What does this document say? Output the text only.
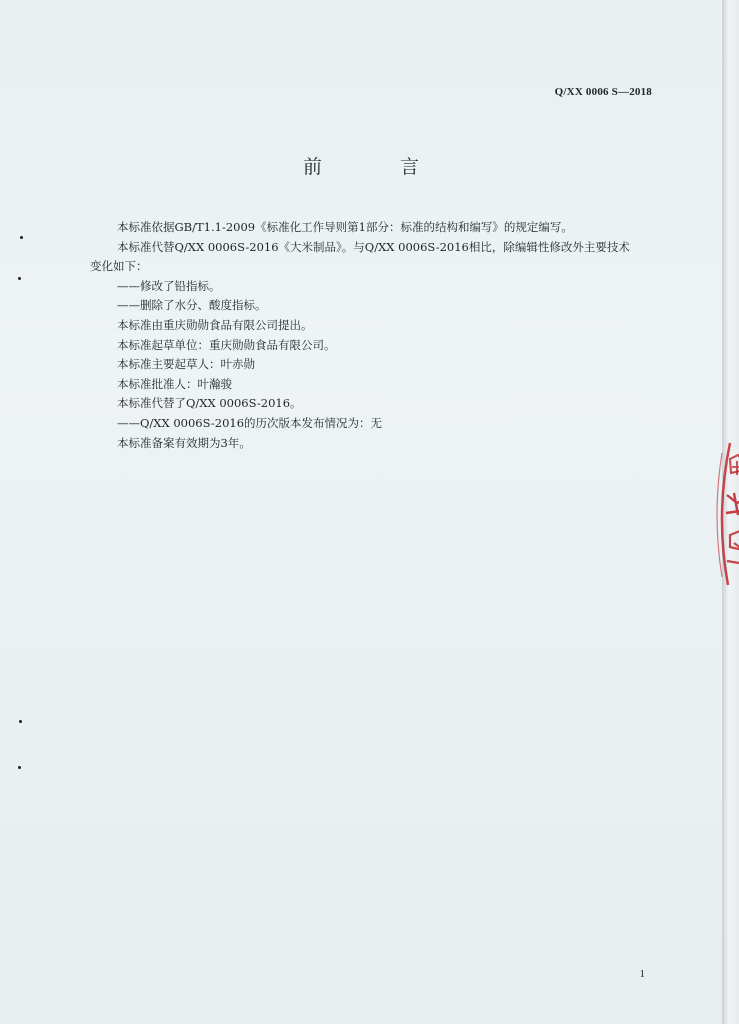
Q/XX 0006 S—2018
前 言
本标准依据GB/T1.1-2009《标准化工作导则第1部分：标准的结构和编写》的规定编写。
本标准代替Q/XX 0006S-2016《大米制品》。与Q/XX 0006S-2016相比，除编辑性修改外主要技术
变化如下：
——修改了铅指标。
——删除了水分、酸度指标。
本标准由重庆勋勋食品有限公司提出。
本标准起草单位：重庆勋勋食品有限公司。
本标准主要起草人：叶赤勋
本标准批准人：叶瀚骏
本标准代替了Q/XX 0006S-2016。
——Q/XX 0006S-2016的历次版本发布情况为：无
本标准备案有效期为3年。
1
